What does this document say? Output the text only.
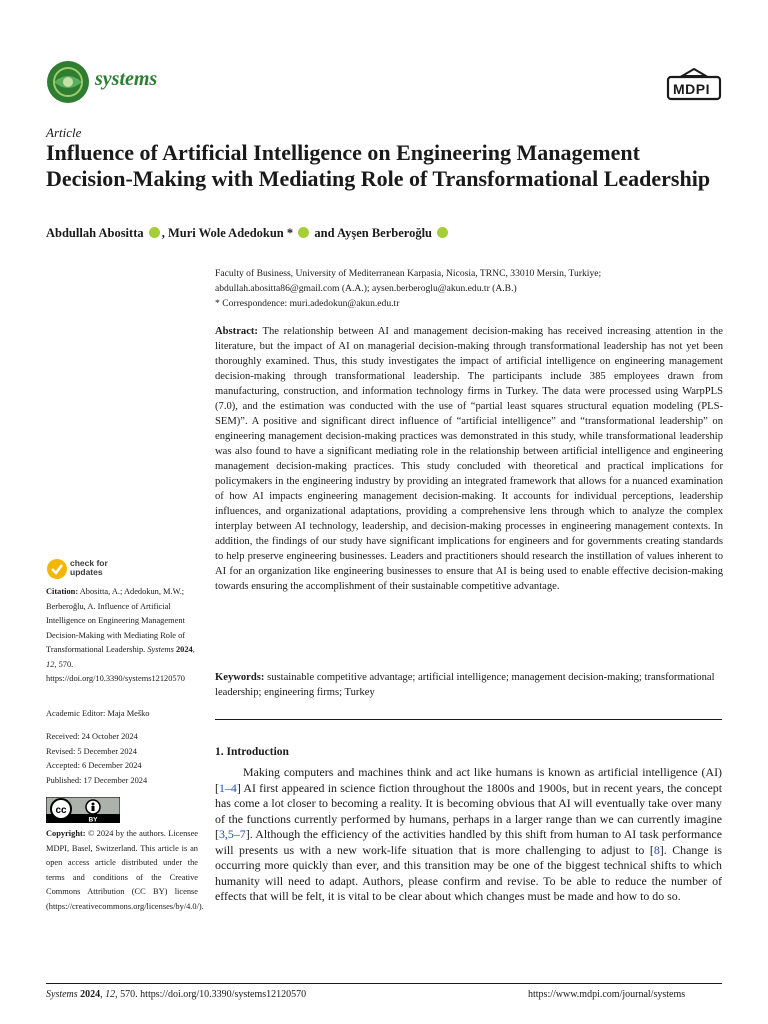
systems	MDPI
Article
Influence of Artificial Intelligence on Engineering Management Decision-Making with Mediating Role of Transformational Leadership
Abdullah Abositta , Muri Wole Adedokun * and Ayşen Berberoğlu
Faculty of Business, University of Mediterranean Karpasia, Nicosia, TRNC, 33010 Mersin, Turkiye;
abdullah.abositta86@gmail.com (A.A.); aysen.berberoglu@akun.edu.tr (A.B.)
* Correspondence: muri.adedokun@akun.edu.tr

Abstract: The relationship between AI and management decision-making has received increasing attention in the literature, but the impact of AI on managerial decision-making through transformational leadership has not yet been thoroughly examined. Thus, this study investigates the impact of artificial intelligence on engineering management decision-making through transformational leadership. The participants include 385 employees drawn from manufacturing, construction, and information technology firms in Turkey. The data were processed using WarpPLS (7.0), and the estimation was conducted with the use of “partial least squares structural equation modeling (PLS-SEM)”. A positive and significant direct influence of “artificial intelligence” and “transformational leadership” on engineering management decision-making practices was demonstrated in this study, while transformational leadership was also found to have a significant mediating role in the relationship between artificial intelligence and engineering management decision-making practices. This study concluded with theoretical and practical implications for policymakers in the engineering industry by providing an integrated framework that allows for a nuanced examination of how AI impacts engineering management decision-making. It accounts for individual perceptions, leadership influences, and organizational adaptations, providing a comprehensive lens through which to analyze the complex interplay between AI technology, leadership, and decision-making processes in engineering management contexts. In addition, the findings of our study have significant implications for engineers and for governments creating standards to help preserve engineering businesses. Leaders and practitioners should research the instillation of values inherent to AI for an organization like engineering businesses to ensure that AI is being used to enable effective decision-making towards ensuring the accomplishment of their sustainable competitive advantage.

Keywords: sustainable competitive advantage; artificial intelligence; management decision-making; transformational leadership; engineering firms; Turkey
1. Introduction

Making computers and machines think and act like humans is known as artificial intelligence (AI) [1–4] AI first appeared in science fiction throughout the 1800s and 1900s, but in recent years, the concept has come a lot closer to becoming a reality. It is becoming obvious that AI will eventually take over many of the functions currently performed by humans, perhaps in a larger range than we can currently imagine [3,5–7]. Although the efficiency of the activities handled by this shift from human to AI task performance will presents us with a new work-life situation that is more challenging to adjust to [8]. Change is occurring more quickly than ever, and this transition may be one of the biggest technical shifts to which humanity will need to adapt. Authors, please confirm and revise. To be able to reduce the number of effects that will be felt, it is vital to be clear about which changes must be made and how to do so.

check for
updates
Citation: Abositta, A.; Adedokun, M.W.; Berberoğlu, A. Influence of Artificial Intelligence on Engineering Management Decision-Making with Mediating Role of Transformational Leadership. Systems 2024, 12, 570. https://doi.org/10.3390/systems12120570
Academic Editor: Maja Meško
Received: 24 October 2024
Revised: 5 December 2024
Accepted: 6 December 2024
Published: 17 December 2024
cc
BY

Copyright: © 2024 by the authors. Licensee MDPI, Basel, Switzerland. This article is an open access article distributed under the terms and conditions of the Creative Commons Attribution (CC BY) license (https://creativecommons.org/licenses/by/4.0/).

Systems 2024, 12, 570. https://doi.org/10.3390/systems12120570	https://www.mdpi.com/journal/systems
